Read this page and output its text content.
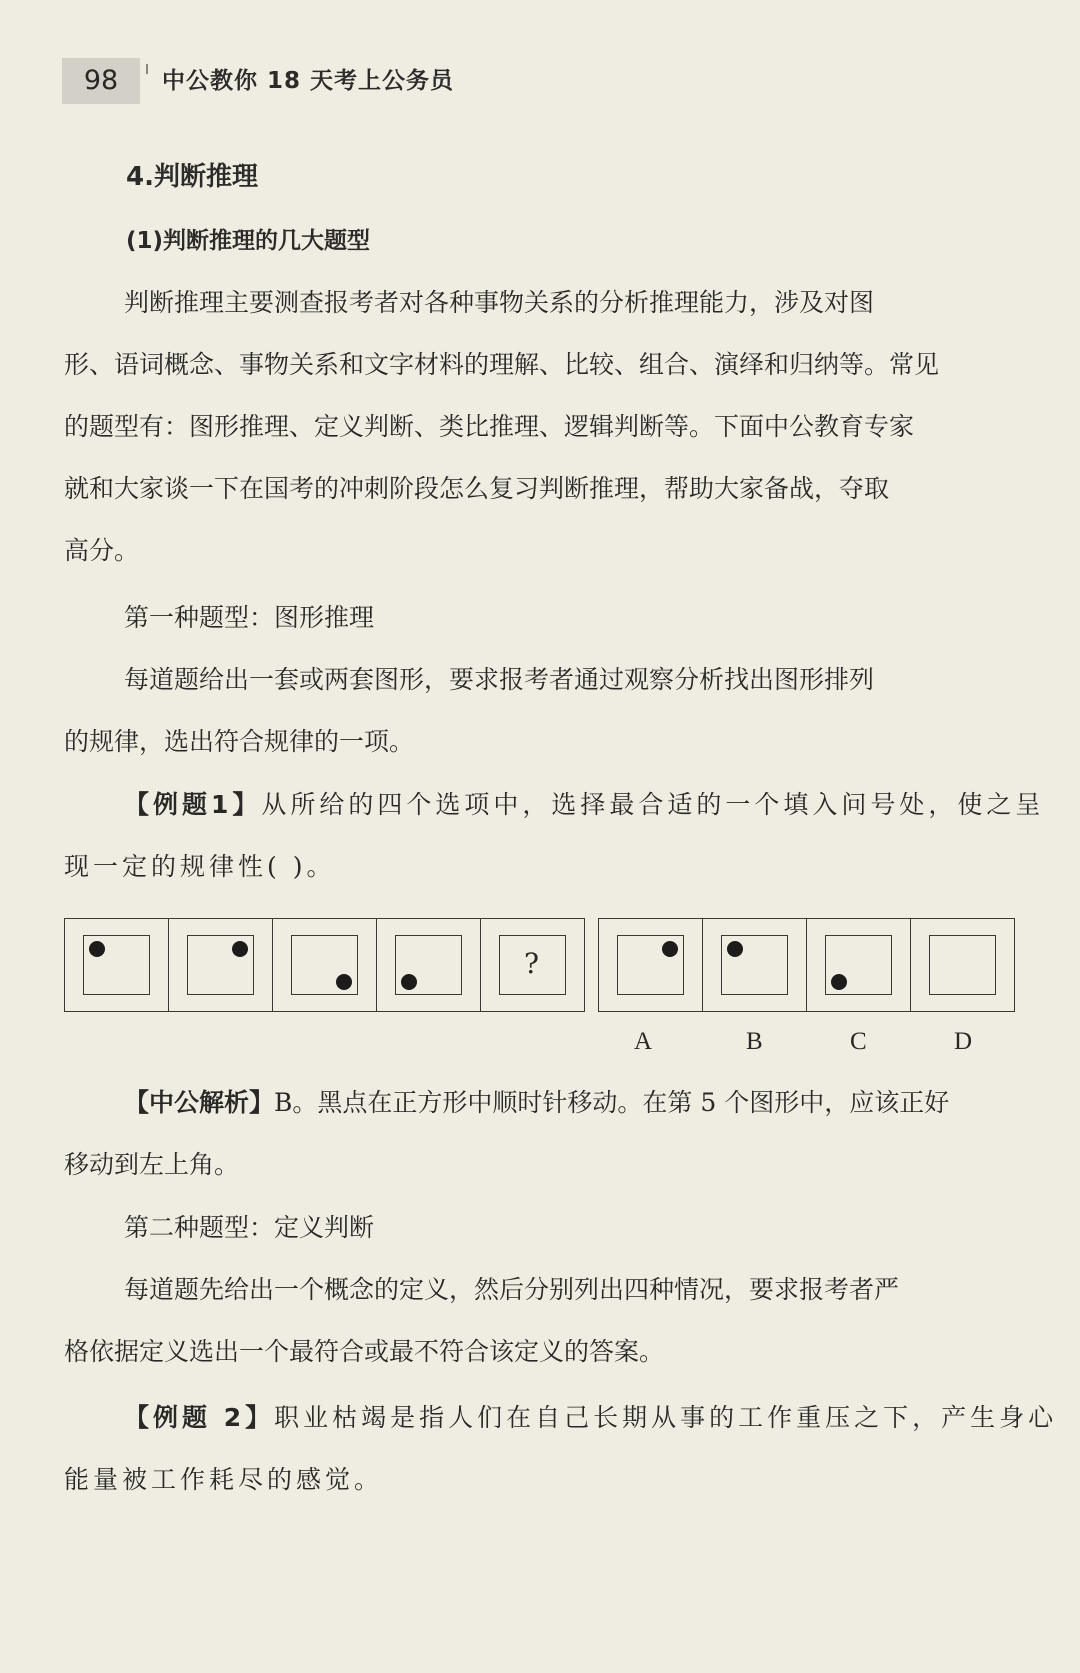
98	中公教你 18 天考上公务员
4.判断推理
(1)判断推理的几大题型
判断推理主要测查报考者对各种事物关系的分析推理能力，涉及对图
形、语词概念、事物关系和文字材料的理解、比较、组合、演绎和归纳等。常见
的题型有：图形推理、定义判断、类比推理、逻辑判断等。下面中公教育专家
就和大家谈一下在国考的冲刺阶段怎么复习判断推理，帮助大家备战，夺取
高分。
第一种题型：图形推理
每道题给出一套或两套图形，要求报考者通过观察分析找出图形排列
的规律，选出符合规律的一项。
【例题1】从所给的四个选项中，选择最合适的一个填入问号处，使之呈
现一定的规律性( )。
?
A	B	C	D
【中公解析】B。黑点在正方形中顺时针移动。在第 5 个图形中，应该正好
移动到左上角。
第二种题型：定义判断
每道题先给出一个概念的定义，然后分别列出四种情况，要求报考者严
格依据定义选出一个最符合或最不符合该定义的答案。
【例题 2】职业枯竭是指人们在自己长期从事的工作重压之下，产生身心
能量被工作耗尽的感觉。
